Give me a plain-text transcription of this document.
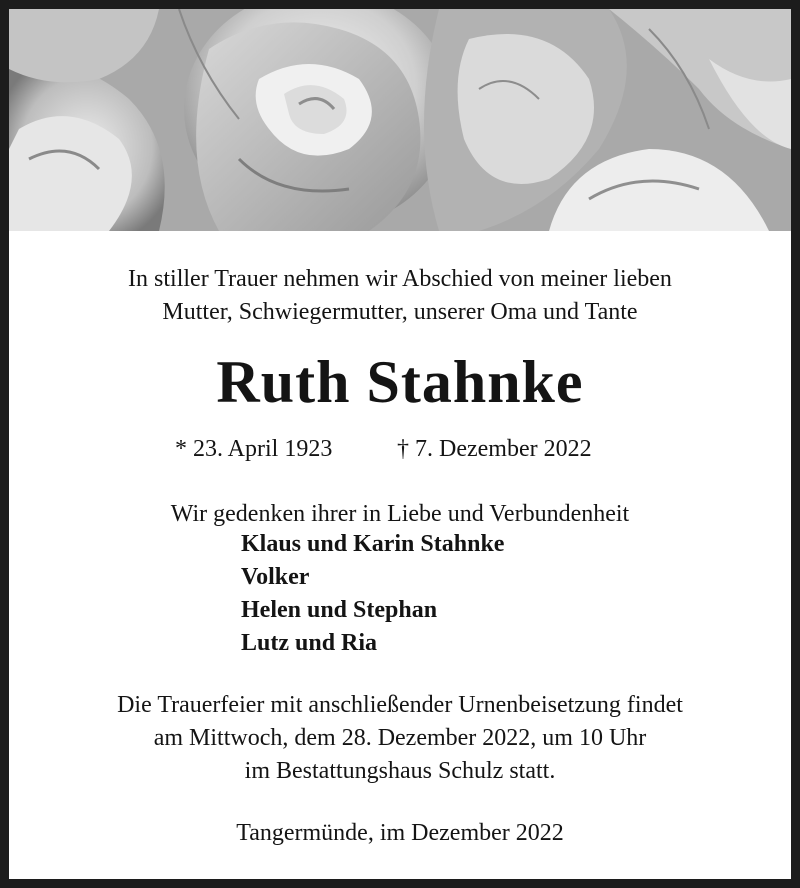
In stiller Trauer nehmen wir Abschied von meiner lieben
Mutter, Schwiegermutter, unserer Oma und Tante
Ruth Stahnke
* 23. April 1923	† 7. Dezember 2022
Wir gedenken ihrer in Liebe und Verbundenheit
Klaus und Karin Stahnke
Volker
Helen und Stephan
Lutz und Ria
Die Trauerfeier mit anschließender Urnenbeisetzung findet
am Mittwoch, dem 28. Dezember 2022, um 10 Uhr
im Bestattungshaus Schulz statt.
Tangermünde, im Dezember 2022
